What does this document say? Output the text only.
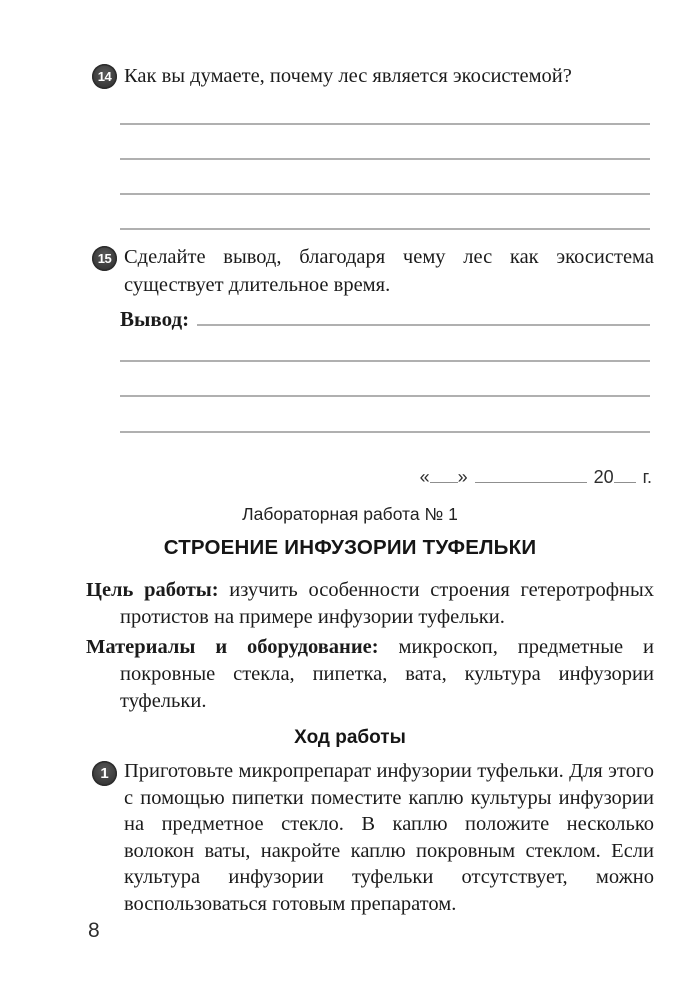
14 Как вы думаете, почему лес является экосистемой?
15 Сделайте вывод, благодаря чему лес как экосистема существует длительное время.
Вывод:
« »	20 г.
Лабораторная работа № 1
СТРОЕНИЕ ИНФУЗОРИИ ТУФЕЛЬКИ
Цель работы: изучить особенности строения гетеротрофных протистов на примере инфузории туфельки.
Материалы и оборудование: микроскоп, предметные и покровные стекла, пипетка, вата, культура инфузории туфельки.
Ход работы
1 Приготовьте микропрепарат инфузории туфельки. Для этого с помощью пипетки поместите каплю культуры инфузории на предметное стекло. В каплю положите несколько волокон ваты, накройте каплю покровным стеклом. Если культура инфузории туфельки отсутствует, можно воспользоваться готовым препаратом.
8
